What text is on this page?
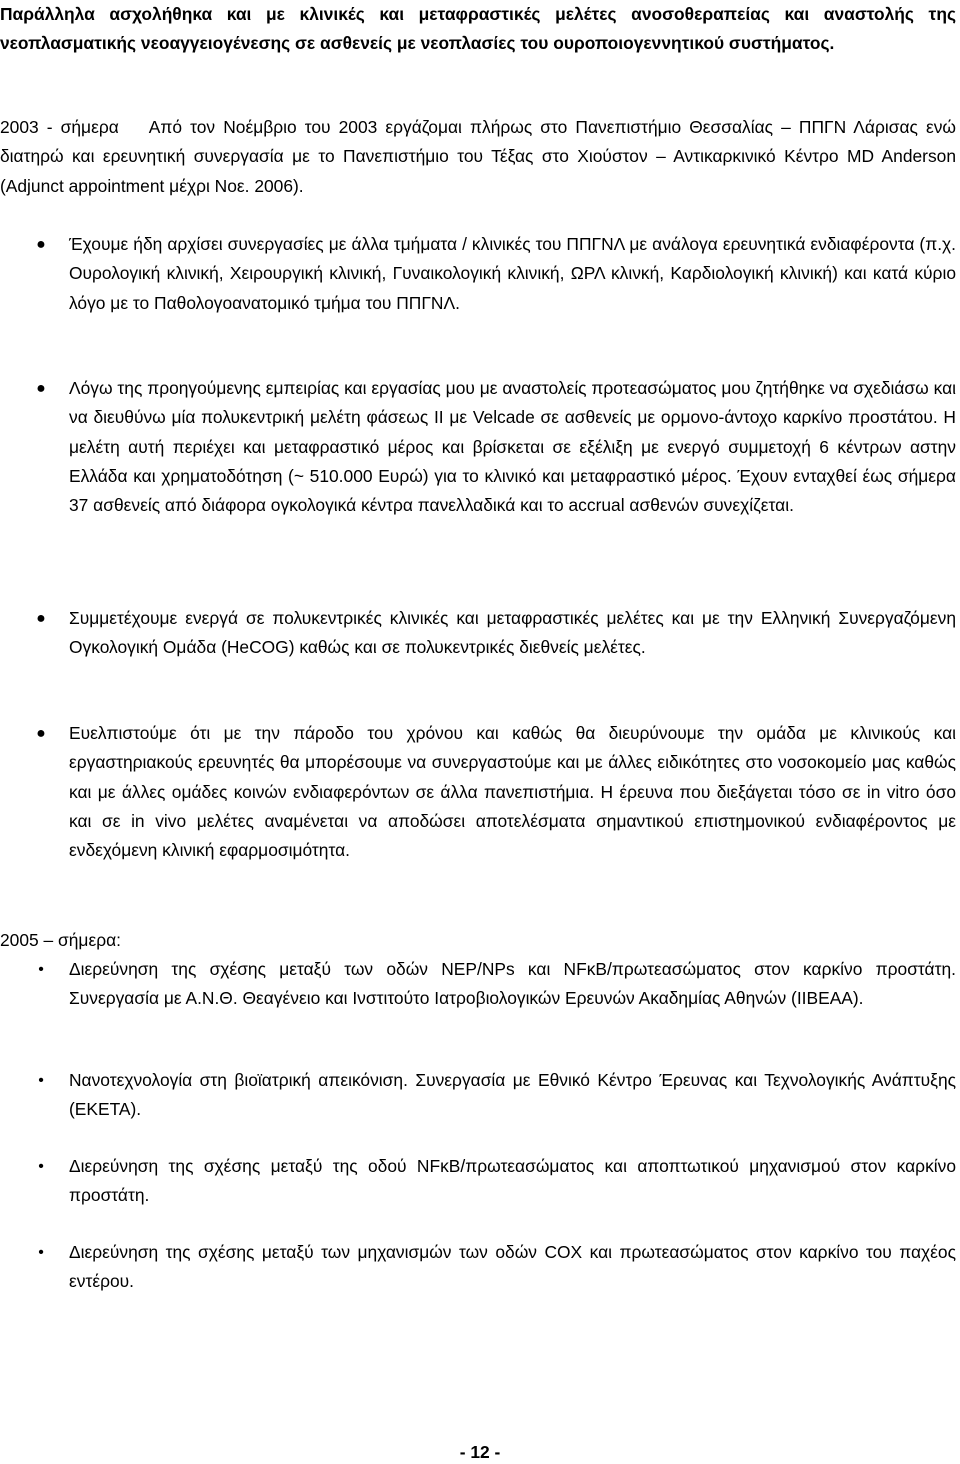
Παράλληλα ασχολήθηκα και με κλινικές και μεταφραστικές μελέτες ανοσοθεραπείας και αναστολής της νεοπλασματικής νεοαγγειογένεσης σε ασθενείς με νεοπλασίες του ουροποιογεννητικού συστήματος.
2003 - σήμερα Από τον Νοέμβριο του 2003 εργάζομαι πλήρως στο Πανεπιστήμιο Θεσσαλίας – ΠΠΓΝ Λάρισας ενώ διατηρώ και ερευνητική συνεργασία με το Πανεπιστήμιο του Τέξας στο Χιούστον – Αντικαρκινικό Κέντρο MD Anderson (Adjunct appointment μέχρι Νοε. 2006).
● Έχουμε ήδη αρχίσει συνεργασίες με άλλα τμήματα / κλινικές του ΠΠΓΝΛ με ανάλογα ερευνητικά ενδιαφέροντα (π.χ. Ουρολογική κλινική, Χειρουργική κλινική, Γυναικολογική κλινική, ΩΡΛ κλινκή, Καρδιολογική κλινική) και κατά κύριο λόγο με το Παθολογοανατομικό τμήμα του ΠΠΓΝΛ.
● Λόγω της προηγούμενης εμπειρίας και εργασίας μου με αναστολείς προτεασώματος μου ζητήθηκε να σχεδιάσω και να διευθύνω μία πολυκεντρική μελέτη φάσεως ΙΙ με Velcade σε ασθενείς με ορμονο-άντοχο καρκίνο προστάτου. Η μελέτη αυτή περιέχει και μεταφραστικό μέρος και βρίσκεται σε εξέλιξη με ενεργό συμμετοχή 6 κέντρων αστην Ελλάδα και χρηματοδότηση (~ 510.000 Ευρώ) για το κλινικό και μεταφραστικό μέρος. Έχουν ενταχθεί έως σήμερα 37 ασθενείς από διάφορα ογκολογικά κέντρα πανελλαδικά και το accrual ασθενών συνεχίζεται.
● Συμμετέχουμε ενεργά σε πολυκεντρικές κλινικές και μεταφραστικές μελέτες και με την Ελληνική Συνεργαζόμενη Ογκολογική Ομάδα (HeCOG) καθώς και σε πολυκεντρικές διεθνείς μελέτες.
● Ευελπιστούμε ότι με την πάροδο του χρόνου και καθώς θα διευρύνουμε την ομάδα με κλινικούς και εργαστηριακούς ερευνητές θα μπορέσουμε να συνεργαστούμε και με άλλες ειδικότητες στο νοσοκομείο μας καθώς και με άλλες ομάδες κοινών ενδιαφερόντων σε άλλα πανεπιστήμια. Η έρευνα που διεξάγεται τόσο σε in vitro όσο και σε in vivo μελέτες αναμένεται να αποδώσει αποτελέσματα σημαντικού επιστημονικού ενδιαφέροντος με ενδεχόμενη κλινική εφαρμοσιμότητα.
2005 – σήμερα:
• Διερεύνηση της σχέσης μεταξύ των οδών NEP/NPs και NFκB/πρωτεασώματος στον καρκίνο προστάτη. Συνεργασία με Α.Ν.Θ. Θεαγένειο και Ινστιτούτο Ιατροβιολογικών Ερευνών Ακαδημίας Αθηνών (ΙΙΒΕΑΑ).
• Νανοτεχνολογία στη βιοϊατρική απεικόνιση. Συνεργασία με Εθνικό Κέντρο Έρευνας και Τεχνολογικής Ανάπτυξης (ΕΚΕΤΑ).
• Διερεύνηση της σχέσης μεταξύ της οδού NFκB/πρωτεασώματος και αποπτωτικού μηχανισμού στον καρκίνο προστάτη.
• Διερεύνηση της σχέσης μεταξύ των μηχανισμών των οδών COX και πρωτεασώματος στον καρκίνο του παχέος εντέρου.
- 12 -
